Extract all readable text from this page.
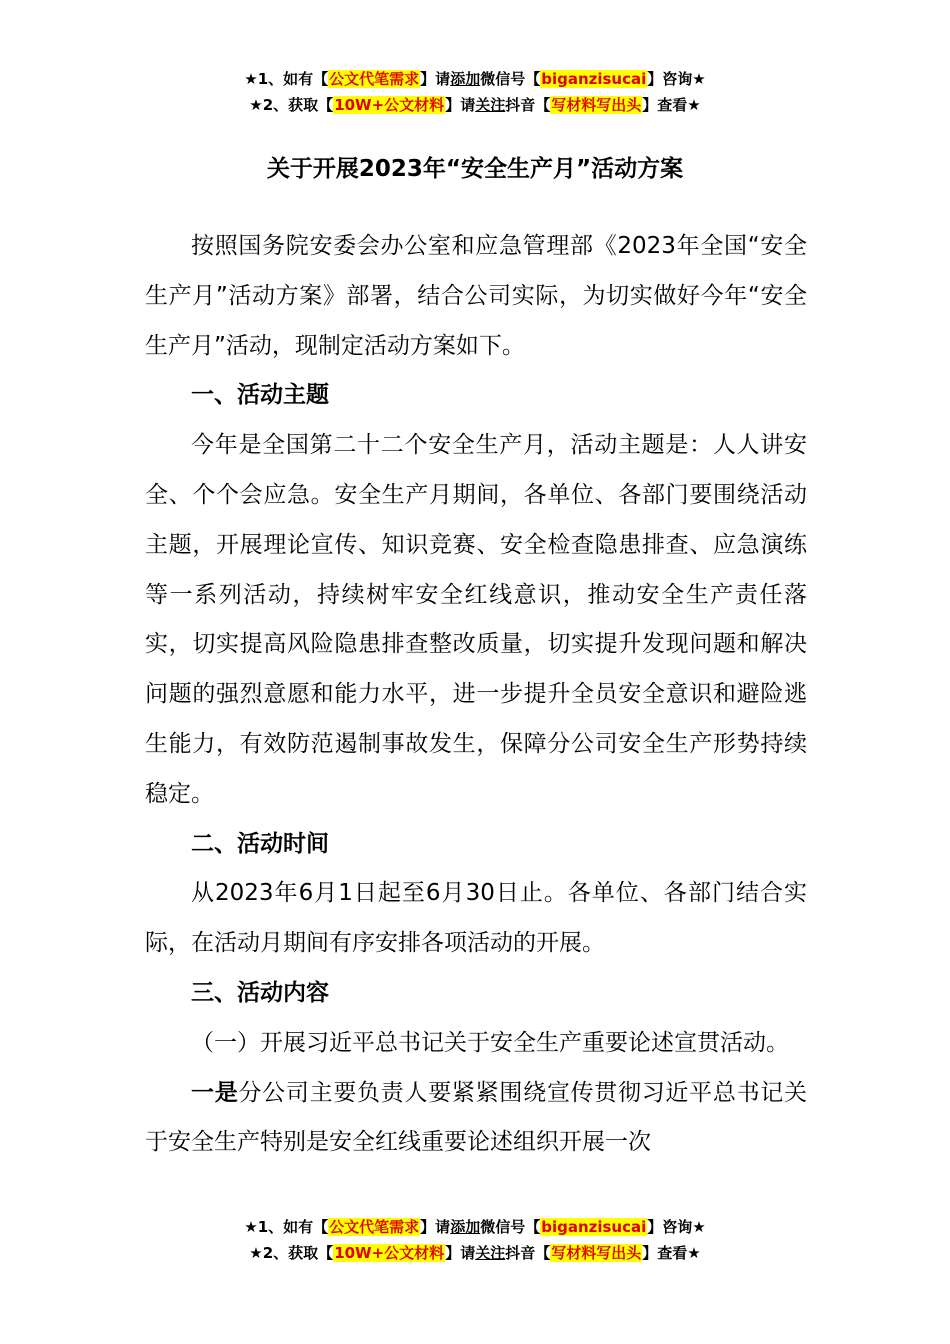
★1、如有【公文代笔需求】请添加微信号【biganzisucai】咨询★
★2、获取【10W+公文材料】请关注抖音【写材料写出头】查看★
关于开展2023年“安全生产月”活动方案

按照国务院安委会办公室和应急管理部《2023年全国“安全生产月”活动方案》部署，结合公司实际，为切实做好今年“安全生产月”活动，现制定活动方案如下。

一、活动主题

今年是全国第二十二个安全生产月，活动主题是：人人讲安全、个个会应急。安全生产月期间，各单位、各部门要围绕活动主题，开展理论宣传、知识竞赛、安全检查隐患排查、应急演练等一系列活动，持续树牢安全红线意识，推动安全生产责任落实，切实提高风险隐患排查整改质量，切实提升发现问题和解决问题的强烈意愿和能力水平，进一步提升全员安全意识和避险逃生能力，有效防范遏制事故发生，保障分公司安全生产形势持续稳定。

二、活动时间

从2023年6月1日起至6月30日止。各单位、各部门结合实际，在活动月期间有序安排各项活动的开展。

三、活动内容

（一）开展习近平总书记关于安全生产重要论述宣贯活动。

一是分公司主要负责人要紧紧围绕宣传贯彻习近平总书记关于安全生产特别是安全红线重要论述组织开展一次

★1、如有【公文代笔需求】请添加微信号【biganzisucai】咨询★
★2、获取【10W+公文材料】请关注抖音【写材料写出头】查看★
